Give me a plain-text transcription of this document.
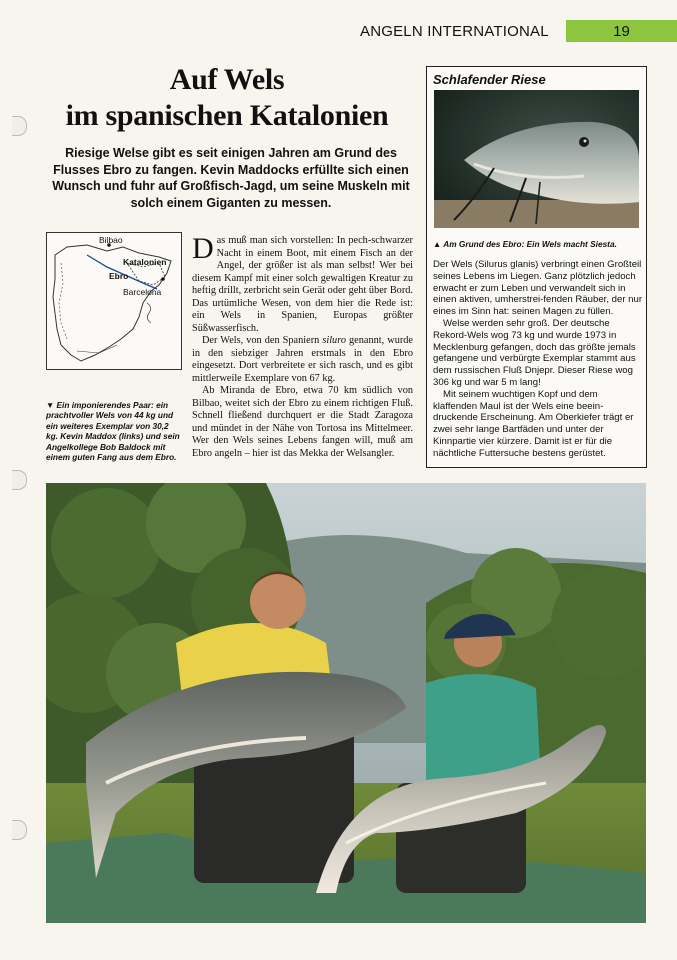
ANGELN INTERNATIONAL	19
Auf Wels
im spanischen Katalonien
Riesige Welse gibt es seit einigen Jahren am Grund des Flusses Ebro zu fangen. Kevin Maddocks erfüllte sich einen Wunsch und fuhr auf Großfisch-Jagd, um seine Muskeln mit solch einem Giganten zu messen.
Bilbao
Katalonien
Ebro
Barcelona
▼ Ein imponierendes Paar: ein prachtvoller Wels von 44 kg und ein weiteres Exemplar von 30,2 kg. Kevin Maddox (links) und sein Angelkollege Bob Baldock mit einem guten Fang aus dem Ebro.

Das muß man sich vorstellen: In pech-schwarzer Nacht in einem Boot, mit einem Fisch an der Angel, der größer ist als man selbst! Wer bei diesem Kampf mit einer solch gewaltigen Kreatur zu heftig drillt, zerbricht sein Gerät oder geht über Bord. Das urtümliche Wesen, von dem hier die Rede ist: ein Wels in Spanien, Europas größter Süßwasserfisch.

Der Wels, von den Spaniern siluro genannt, wurde in den siebziger Jahren erstmals in den Ebro eingesetzt. Dort verbreitete er sich rasch, und es gibt mittlerweile Exemplare von 67 kg.

Ab Miranda de Ebro, etwa 70 km südlich von Bilbao, weitet sich der Ebro zu einem richtigen Fluß. Schnell fließend durchquert er die Stadt Zaragoza und mündet in der Nähe von Tortosa ins Mittelmeer. Wer den Wels seines Lebens fangen will, muß am Ebro angeln – hier ist das Mekka der Welsangler.

Schlafender Riese
▲ Am Grund des Ebro: Ein Wels macht Siesta.

Der Wels (Silurus glanis) verbringt einen Großteil seines Lebens im Liegen. Ganz plötzlich jedoch erwacht er zum Leben und verwandelt sich in einen aktiven, umherstrei-fenden Räuber, der nur eines im Sinn hat: seinen Magen zu füllen.

Welse werden sehr groß. Der deutsche Rekord-Wels wog 73 kg und wurde 1973 in Mecklenburg gefangen, doch das größte jemals gefangene und verbürgte Exemplar stammt aus dem russischen Fluß Dnjepr. Dieser Riese wog 306 kg und war 5 m lang!

Mit seinem wuchtigen Kopf und dem klaffenden Maul ist der Wels eine beein-druckende Erscheinung. Am Oberkiefer trägt er zwei sehr lange Bartfäden und unter der Kinnpartie vier kürzere. Damit ist er für die nächtliche Futtersuche bestens gerüstet.
